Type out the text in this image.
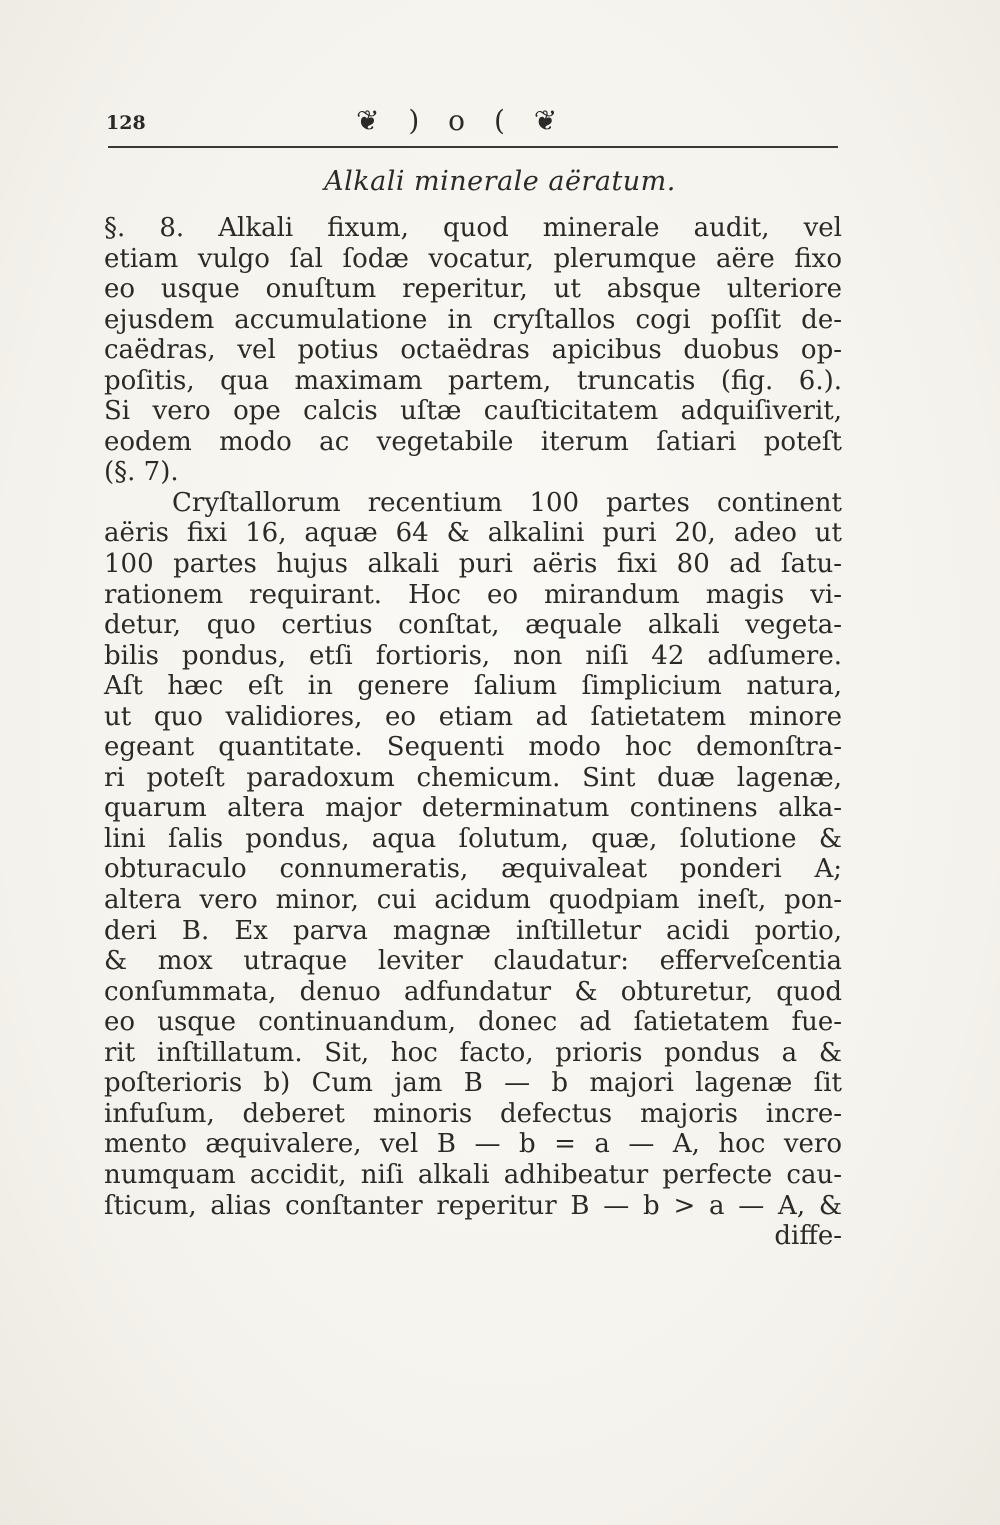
128	❦ ) o ( ❦
Alkali minerale aëratum.
§. 8. Alkali fixum, quod minerale audit, vel
etiam vulgo ſal ſodæ vocatur, plerumque aëre fixo
eo usque onuſtum reperitur, ut absque ulteriore
ejusdem accumulatione in cryſtallos cogi poſſit de-
caëdras, vel potius octaëdras apicibus duobus op-
poſitis, qua maximam partem, truncatis (fig. 6.).
Si vero ope calcis uſtæ cauſticitatem adquiſiverit,
eodem modo ac vegetabile iterum ſatiari poteſt
(§. 7).
Cryſtallorum recentium 100 partes continent
aëris fixi 16, aquæ 64 & alkalini puri 20, adeo ut
100 partes hujus alkali puri aëris fixi 80 ad ſatu-
rationem requirant. Hoc eo mirandum magis vi-
detur, quo certius conſtat, æquale alkali vegeta-
bilis pondus, etſi fortioris, non niſi 42 adſumere.
Aſt hæc eſt in genere ſalium ſimplicium natura,
ut quo validiores, eo etiam ad ſatietatem minore
egeant quantitate. Sequenti modo hoc demonſtra-
ri poteſt paradoxum chemicum. Sint duæ lagenæ,
quarum altera major determinatum continens alka-
lini ſalis pondus, aqua ſolutum, quæ, ſolutione &
obturaculo connumeratis, æquivaleat ponderi A;
altera vero minor, cui acidum quodpiam ineſt, pon-
deri B. Ex parva magnæ inſtilletur acidi portio,
& mox utraque leviter claudatur: efferveſcentia
conſummata, denuo adfundatur & obturetur, quod
eo usque continuandum, donec ad ſatietatem fue-
rit inſtillatum. Sit, hoc facto, prioris pondus a &
poſterioris b) Cum jam B — b majori lagenæ ſit
infuſum, deberet minoris defectus majoris incre-
mento æquivalere, vel B — b = a — A, hoc vero
numquam accidit, niſi alkali adhibeatur perfecte cau-
ſticum, alias conſtanter reperitur B — b > a — A, &
diffe-
